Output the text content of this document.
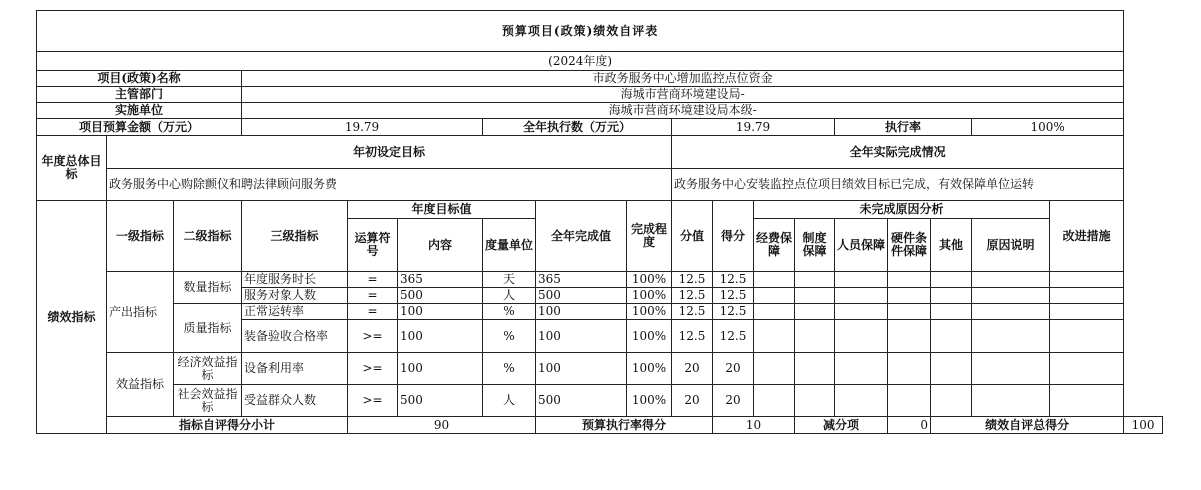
预算项目(政策)绩效自评表																		
(2024年度)																		
项目(政策)名称			市政务服务中心增加监控点位资金															
主管部门			海城市营商环境建设局-															
实施单位			海城市营商环境建设局本级-															
项目预算金额（万元）			19.79			全年执行数（万元）			19.79				执行率			100%		
年度总体目标	年初设定目标								全年实际完成情况									
	政务服务中心购除颤仪和聘法律顾问服务费								政务服务中心安装监控点位项目绩效目标已完成，有效保障单位运转									
绩效指标	一级指标	二级指标	三级指标	年度目标值			全年完成值	完成程度	分值	得分	未完成原因分析						改进措施	
				运算符号	内容	度量单位					经费保障	制度保障	人员保障	硬件条件保障	其他	原因说明		
	产出指标	数量指标	年度服务时长	=	365	天	365	100%	12.5	12.5								
			服务对象人数	=	500	人	500	100%	12.5	12.5								
		质量指标	正常运转率	=	100	%	100	100%	12.5	12.5								
			装备验收合格率	>=	100	%	100	100%	12.5	12.5								
	效益指标	经济效益指标	设备利用率	>=	100	%	100	100%	20	20								
		社会效益指标	受益群众人数	>=	500	人	500	100%	20	20								
	指标自评得分小计			90			预算执行率得分			10		减分项		0	绩效自评总得分			100
